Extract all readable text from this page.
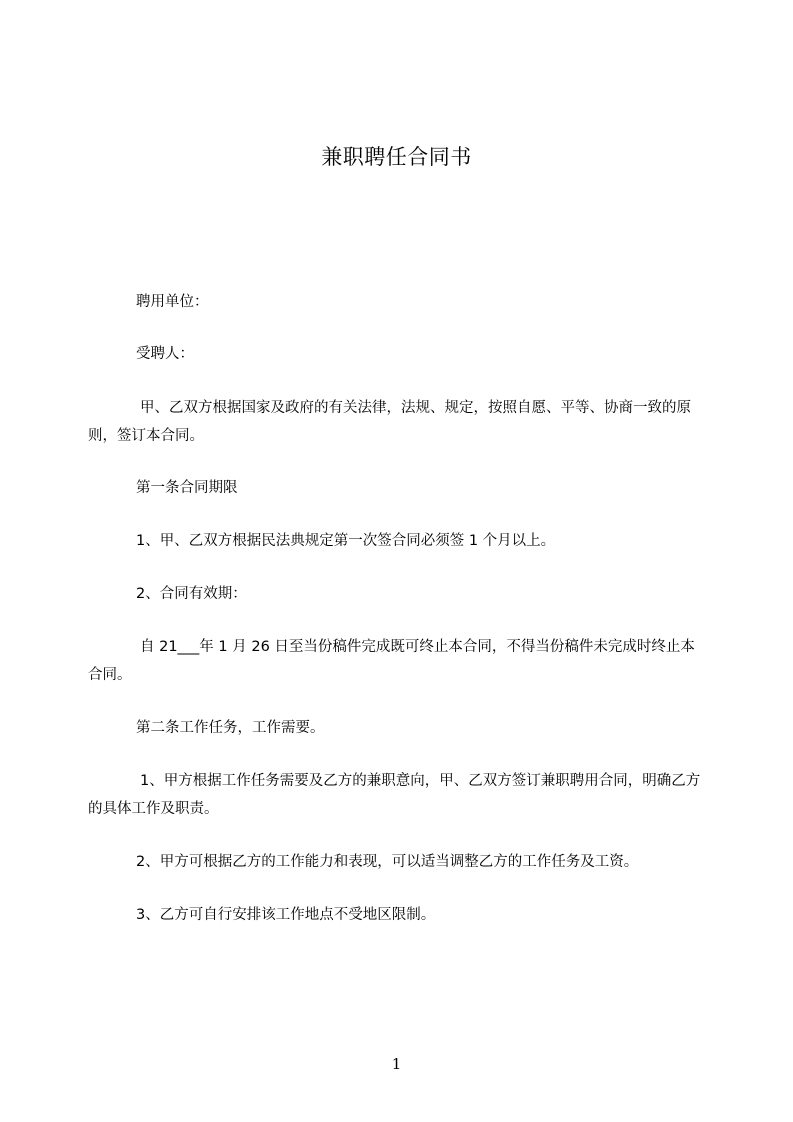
兼职聘任合同书

聘用单位：

受聘人：

甲、乙双方根据国家及政府的有关法律，法规、规定，按照自愿、平等、协商一致的原则，签订本合同。

第一条合同期限

1、甲、乙双方根据民法典规定第一次签合同必须签 1 个月以上。

2、合同有效期：

自 21___年 1 月 26 日至当份稿件完成既可终止本合同，不得当份稿件未完成时终止本合同。

第二条工作任务，工作需要。

1、甲方根据工作任务需要及乙方的兼职意向，甲、乙双方签订兼职聘用合同，明确乙方的具体工作及职责。

2、甲方可根据乙方的工作能力和表现，可以适当调整乙方的工作任务及工资。

3、乙方可自行安排该工作地点不受地区限制。

1
